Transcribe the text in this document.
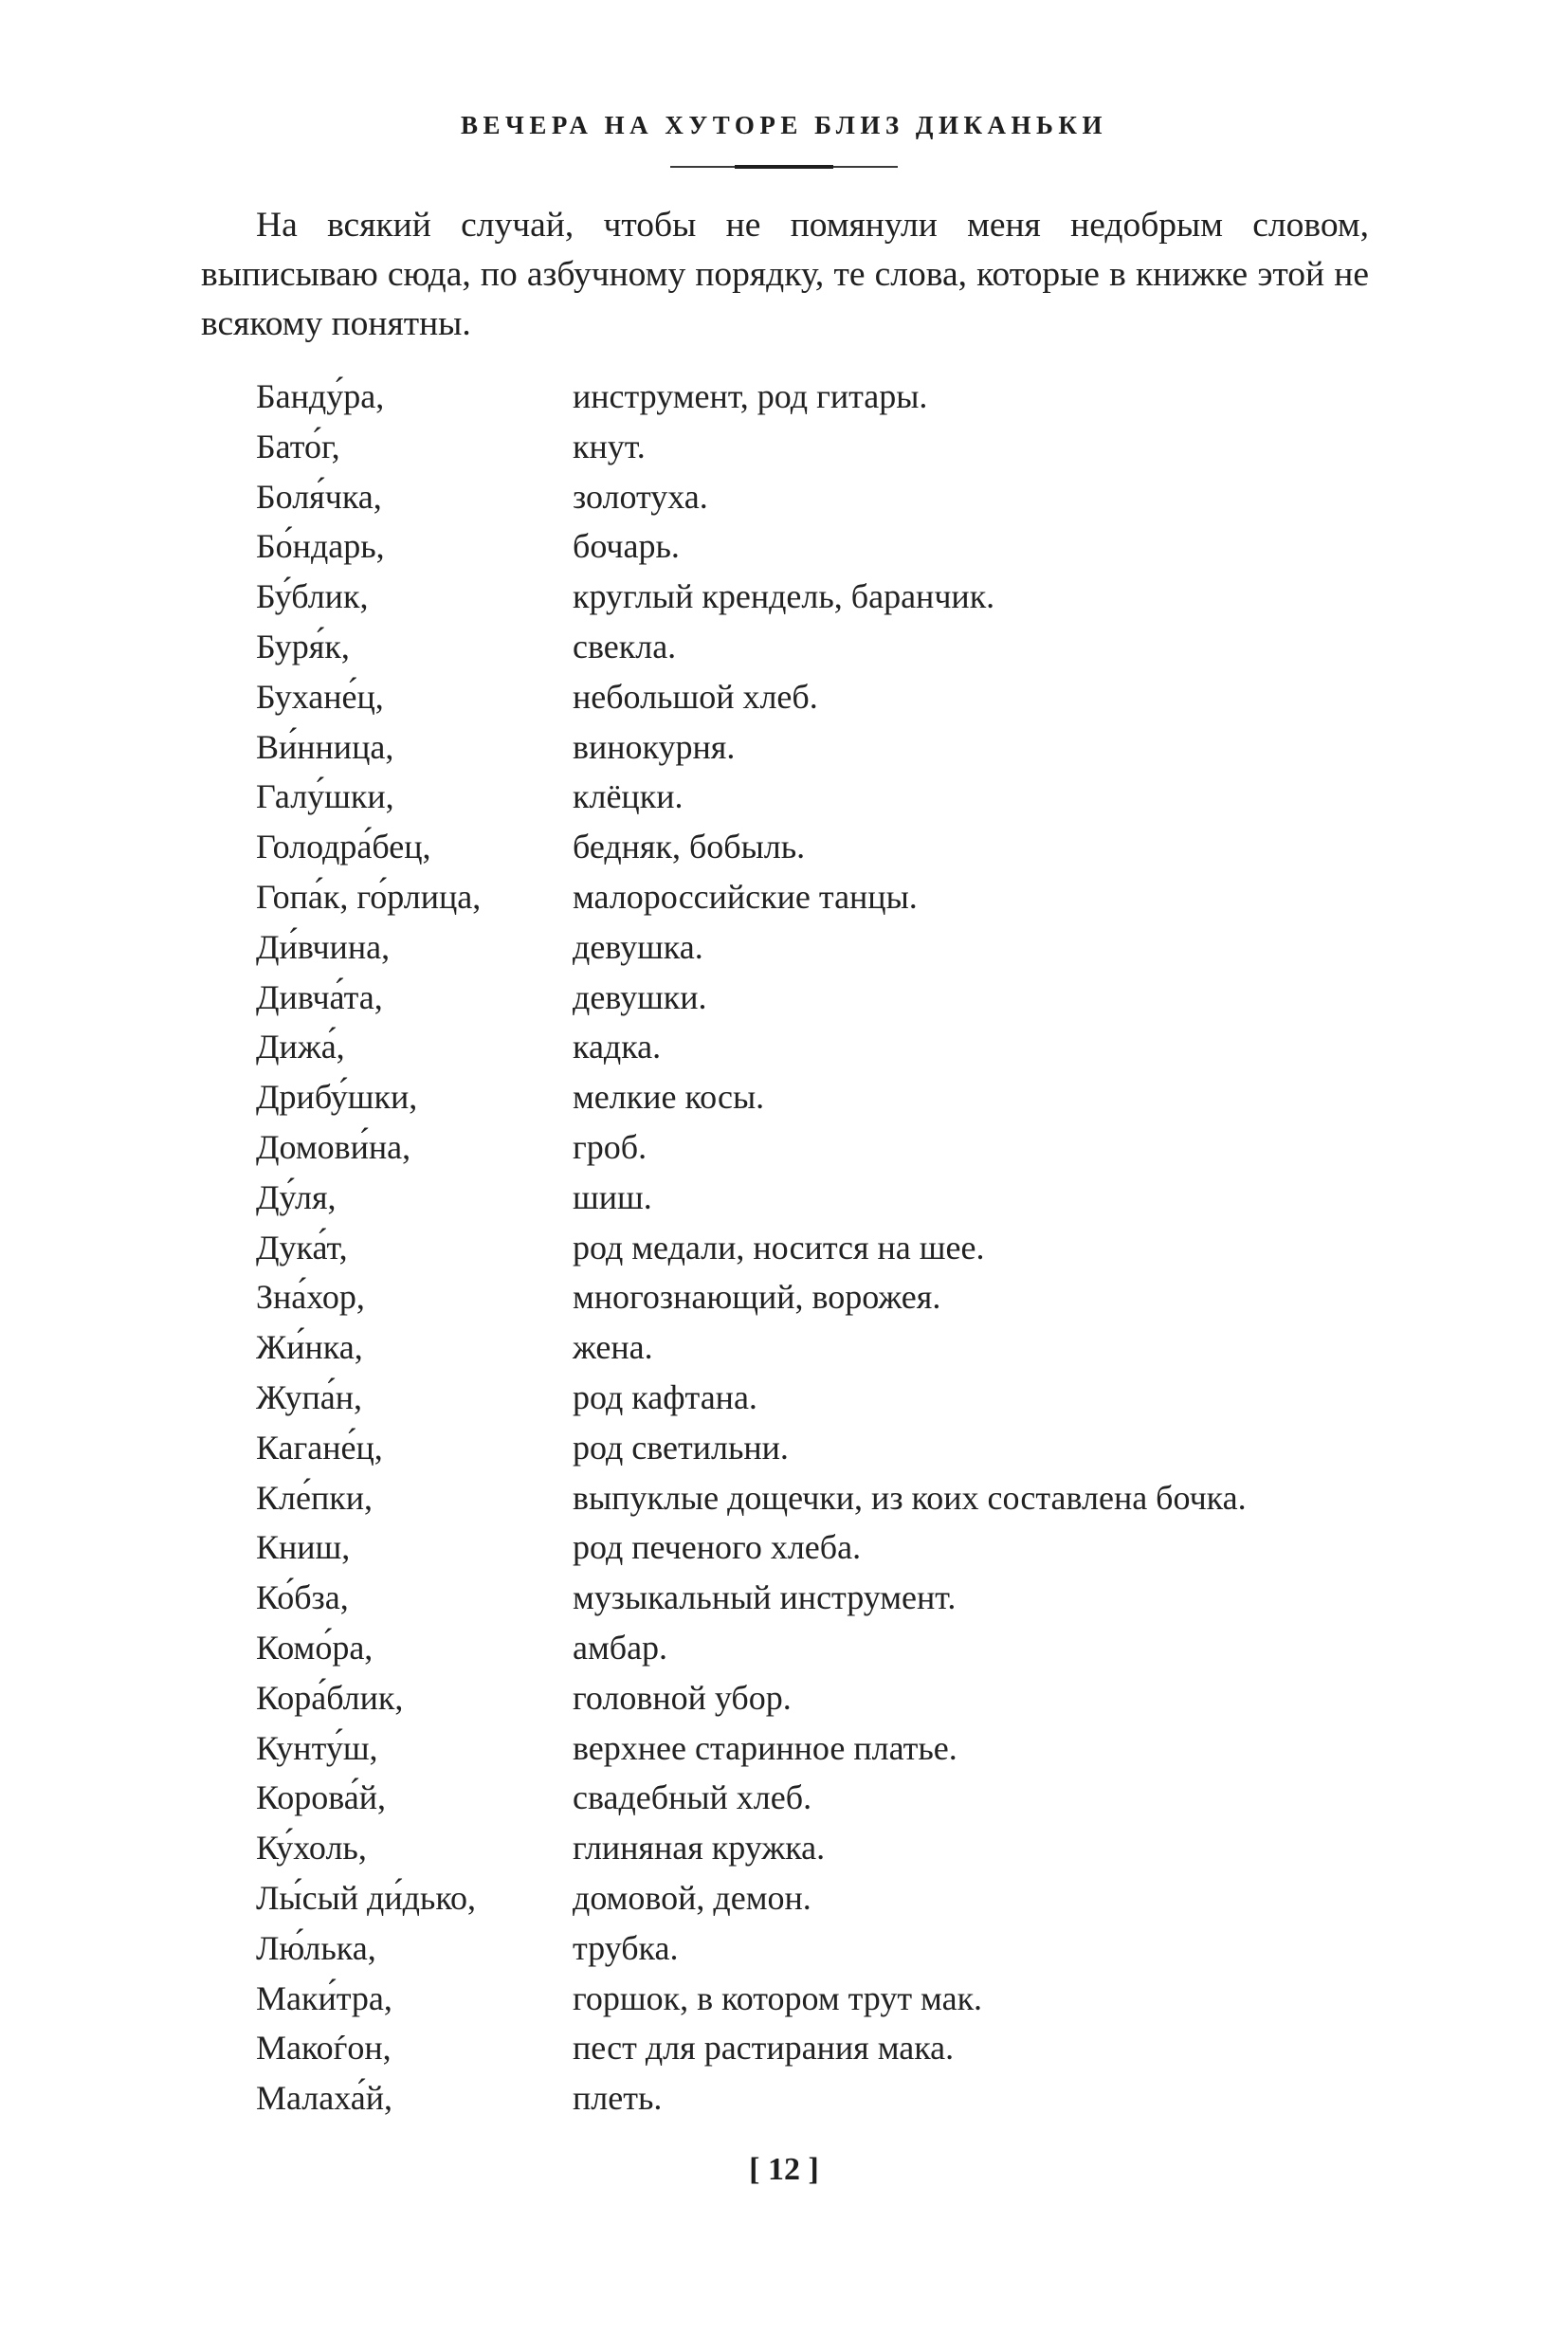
ВЕЧЕРА НА ХУТОРЕ БЛИЗ ДИКАНЬКИ

На всякий случай, чтобы не помянули меня недобрым словом, выписываю сюда, по азбучному порядку, те слова, которые в книжке этой не всякому понятны.

Банду́ра,	инструмент, род гитары.
Бато́г,	кнут.
Боля́чка,	золотуха.
Бо́ндарь,	бочарь.
Бу́блик,	круглый крендель, баранчик.
Буря́к,	свекла.
Бухане́ц,	небольшой хлеб.
Ви́нница,	винокурня.
Галу́шки,	клёцки.
Голодра́бец,	бедняк, бобыль.
Гопа́к, го́рлица,	малороссийские танцы.
Ди́вчина,	девушка.
Дивча́та,	девушки.
Дижа́,	кадка.
Дрибу́шки,	мелкие косы.
Домови́на,	гроб.
Ду́ля,	шиш.
Дука́т,	род медали, носится на шее.
Зна́хор,	многознающий, ворожея.
Жи́нка,	жена.
Жупа́н,	род кафтана.
Кагане́ц,	род светильни.
Кле́пки,	выпуклые дощечки, из коих составлена бочка.
Книш,	род печеного хлеба.
Ко́бза,	музыкальный инструмент.
Комо́ра,	амбар.
Кора́блик,	головной убор.
Кунту́ш,	верхнее старинное платье.
Корова́й,	свадебный хлеб.
Ку́холь,	глиняная кружка.
Лы́сый ди́дько,	домовой, демон.
Лю́лька,	трубка.
Маки́тра,	горшок, в котором трут мак.
Макоѓон,	пест для растирания мака.
Малаха́й,	плеть.
[ 12 ]
